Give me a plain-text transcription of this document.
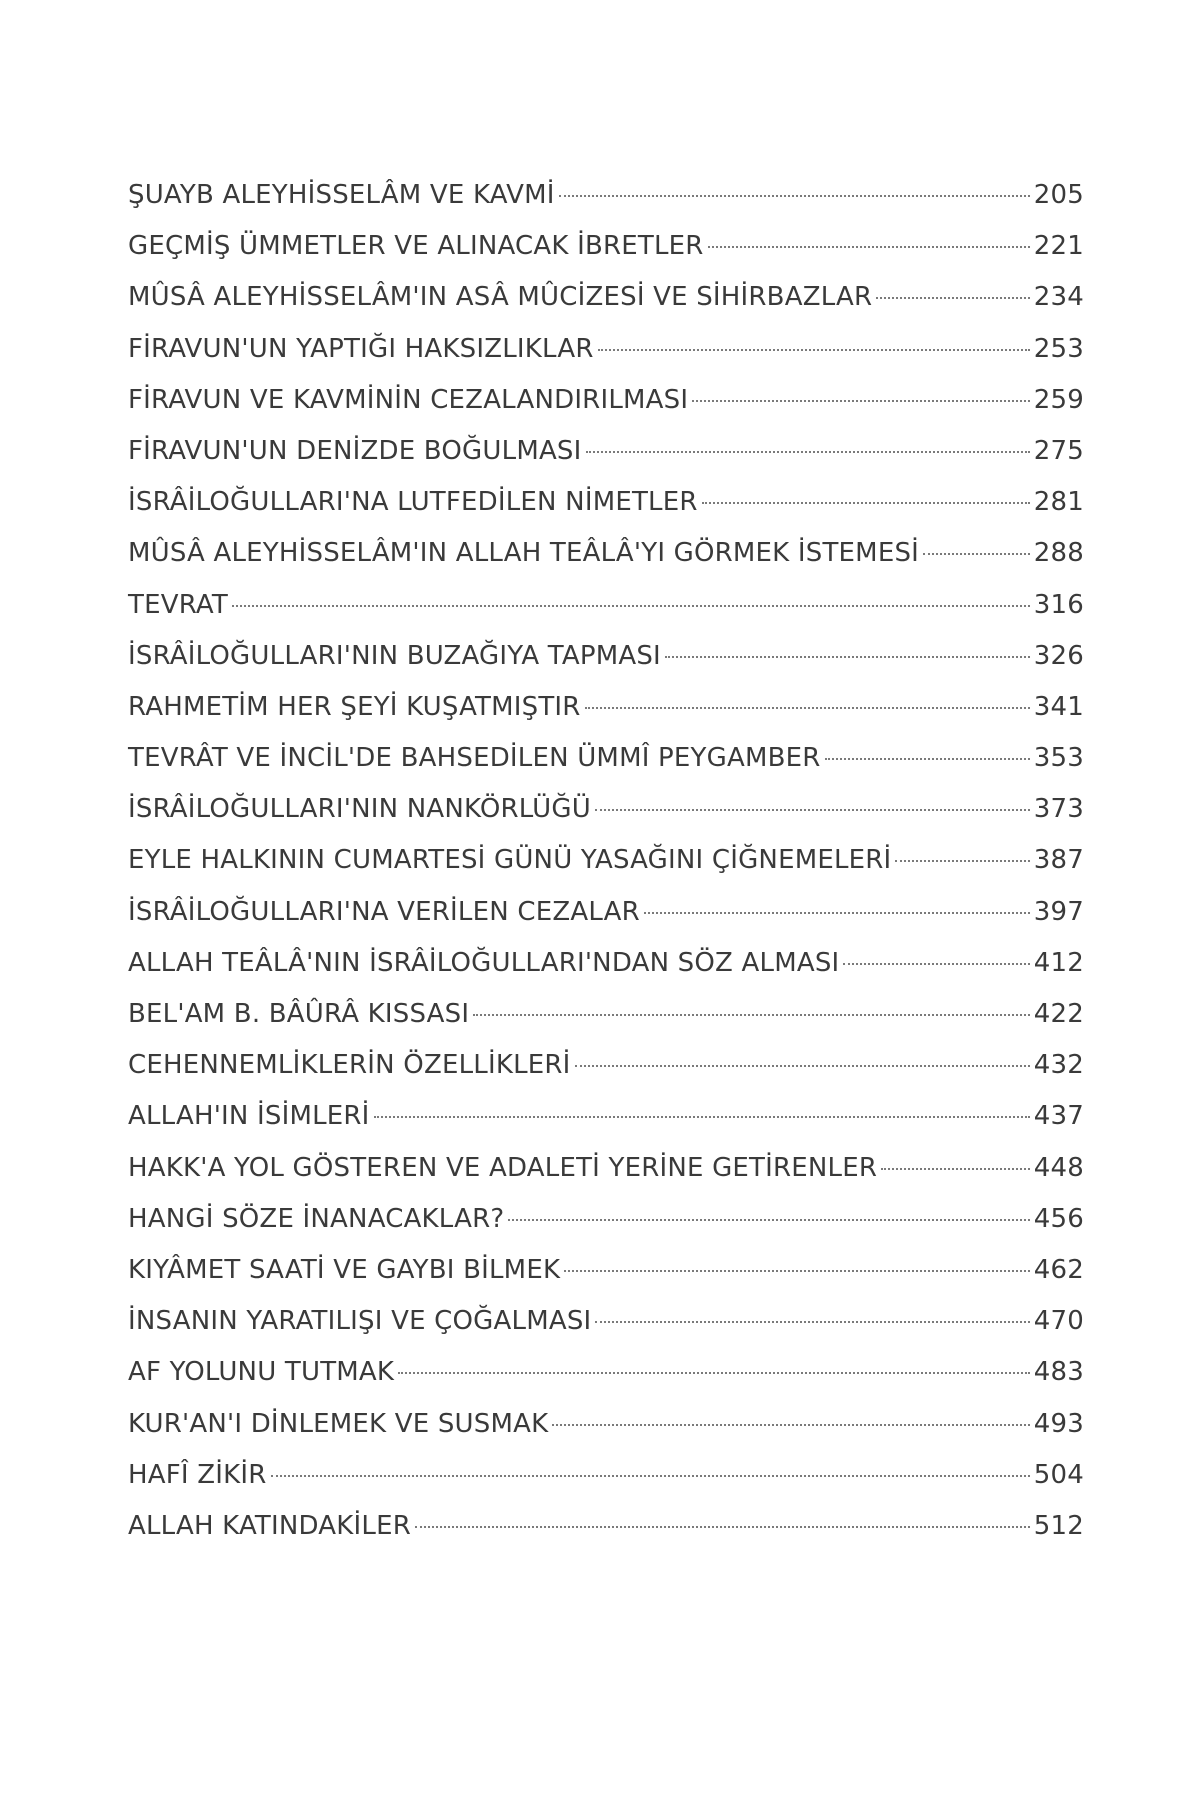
ŞUAYB ALEYHİSSELÂM VE KAVMİ	205
GEÇMİŞ ÜMMETLER VE ALINACAK İBRETLER	221
MÛSÂ ALEYHİSSELÂM'IN ASÂ MÛCİZESİ VE SİHİRBAZLAR	234
FİRAVUN'UN YAPTIĞI HAKSIZLIKLAR	253
FİRAVUN VE KAVMİNİN CEZALANDIRILMASI	259
FİRAVUN'UN DENİZDE BOĞULMASI	275
İSRÂİLOĞULLARI'NA LUTFEDİLEN NİMETLER	281
MÛSÂ ALEYHİSSELÂM'IN ALLAH TEÂLÂ'YI GÖRMEK İSTEMESİ	288
TEVRAT	316
İSRÂİLOĞULLARI'NIN BUZAĞIYA TAPMASI	326
RAHMETİM HER ŞEYİ KUŞATMIŞTIR	341
TEVRÂT VE İNCİL'DE BAHSEDİLEN ÜMMÎ PEYGAMBER	353
İSRÂİLOĞULLARI'NIN NANKÖRLÜĞÜ	373
EYLE HALKININ CUMARTESİ GÜNÜ YASAĞINI ÇİĞNEMELERİ	387
İSRÂİLOĞULLARI'NA VERİLEN CEZALAR	397
ALLAH TEÂLÂ'NIN İSRÂİLOĞULLARI'NDAN SÖZ ALMASI	412
BEL'AM B. BÂÛRÂ KISSASI	422
CEHENNEMLİKLERİN ÖZELLİKLERİ	432
ALLAH'IN İSİMLERİ	437
HAKK'A YOL GÖSTEREN VE ADALETİ YERİNE GETİRENLER	448
HANGİ SÖZE İNANACAKLAR?	456
KIYÂMET SAATİ VE GAYBI BİLMEK	462
İNSANIN YARATILIŞI VE ÇOĞALMASI	470
AF YOLUNU TUTMAK	483
KUR'AN'I DİNLEMEK VE SUSMAK	493
HAFÎ ZİKİR	504
ALLAH KATINDAKİLER	512
